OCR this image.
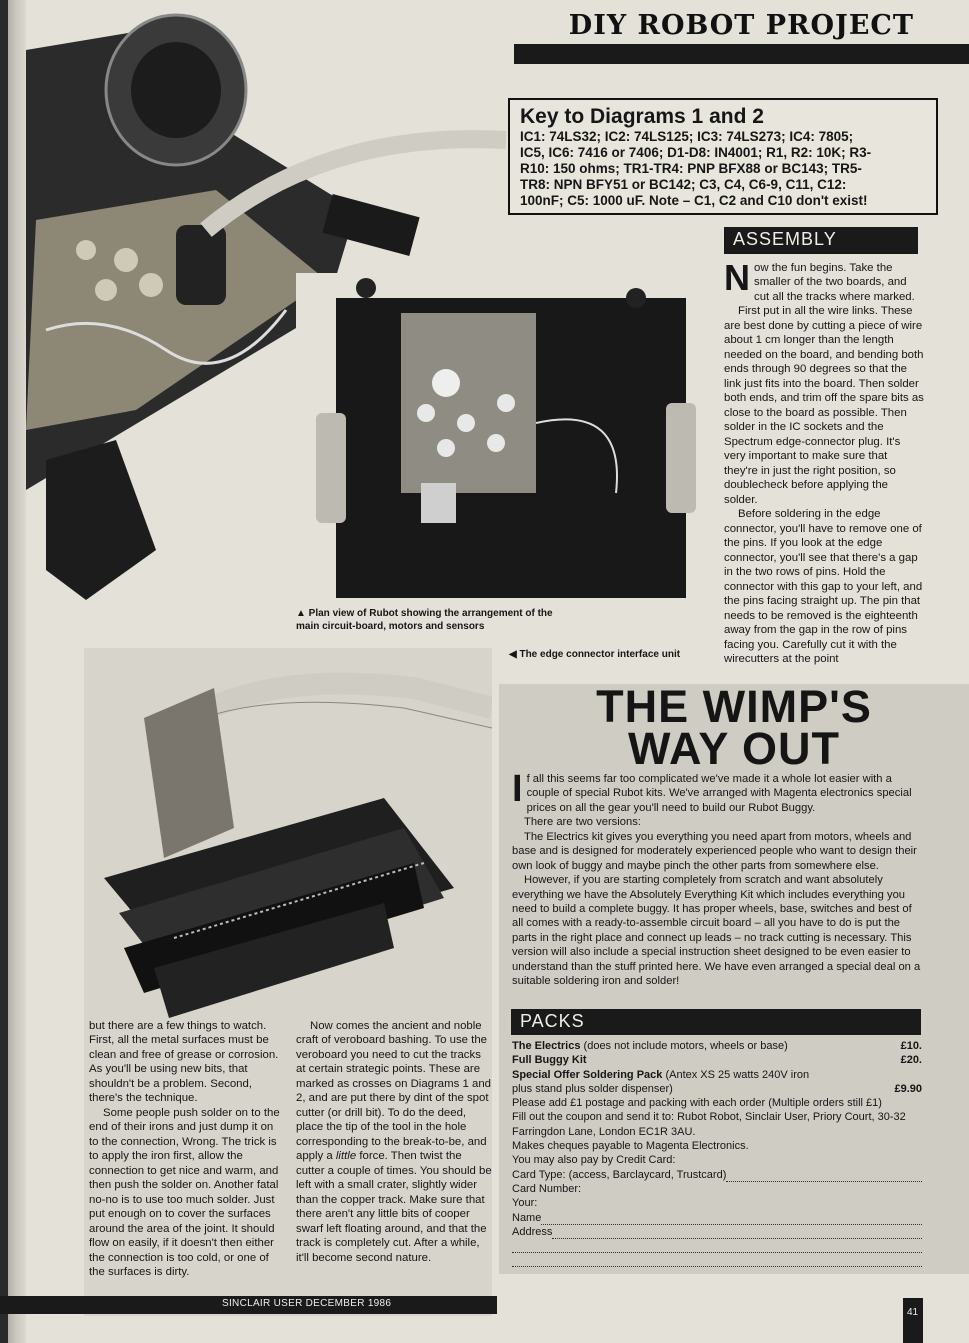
DIY ROBOT PROJECT
▲ Plan view of Rubot showing the arrangement of the main circuit-board, motors and sensors
Key to Diagrams 1 and 2
IC1: 74LS32; IC2: 74LS125; IC3: 74LS273; IC4: 7805;
IC5, IC6: 7416 or 7406; D1-D8: IN4001; R1, R2: 10K; R3-
R10: 150 ohms; TR1-TR4: PNP BFX88 or BC143; TR5-
TR8: NPN BFY51 or BC142; C3, C4, C6-9, C11, C12:
100nF; C5: 1000 uF. Note – C1, C2 and C10 don't exist!
ASSEMBLY

Now the fun begins. Take the smaller of the two boards, and cut all the tracks where marked.

First put in all the wire links. These are best done by cutting a piece of wire about 1 cm longer than the length needed on the board, and bending both ends through 90 degrees so that the link just fits into the board. Then solder both ends, and trim off the spare bits as close to the board as possible. Then solder in the IC sockets and the Spectrum edge-connector plug. It's very important to make sure that they're in just the right position, so doublecheck before applying the solder.

Before soldering in the edge connector, you'll have to remove one of the pins. If you look at the edge connector, you'll see that there's a gap in the two rows of pins. Hold the connector with this gap to your left, and the pins facing straight up. The pin that needs to be removed is the eighteenth away from the gap in the row of pins facing you. Carefully cut it with the wirecutters at the point

◀ The edge connector interface unit

but there are a few things to watch. First, all the metal surfaces must be clean and free of grease or corrosion. As you'll be using new bits, that shouldn't be a problem. Second, there's the technique.

Some people push solder on to the end of their irons and just dump it on to the connection, Wrong. The trick is to apply the iron first, allow the connection to get nice and warm, and then push the solder on. Another fatal no-no is to use too much solder. Just put enough on to cover the surfaces around the area of the joint. It should flow on easily, if it doesn't then either the connection is too cold, or one of the surfaces is dirty.

Now comes the ancient and noble craft of veroboard bashing. To use the veroboard you need to cut the tracks at certain strategic points. These are marked as crosses on Diagrams 1 and 2, and are put there by dint of the spot cutter (or drill bit). To do the deed, place the tip of the tool in the hole corresponding to the break-to-be, and apply a little force. Then twist the cutter a couple of times. You should be left with a small crater, slightly wider than the copper track. Make sure that there aren't any little bits of cooper swarf left floating around, and that the track is completely cut. After a while, it'll become second nature.

THE WIMP'S
WAY OUT

If all this seems far too complicated we've made it a whole lot easier with a couple of special Rubot kits. We've arranged with Magenta electronics special prices on all the gear you'll need to build our Rubot Buggy.

There are two versions:

The Electrics kit gives you everything you need apart from motors, wheels and base and is designed for moderately experienced people who want to design their own look of buggy and maybe pinch the other parts from somewhere else.

However, if you are starting completely from scratch and want absolutely everything we have the Absolutely Everything Kit which includes everything you need to build a complete buggy. It has proper wheels, base, switches and best of all comes with a ready-to-assemble circuit board – all you have to do is put the parts in the right place and connect up leads – no track cutting is necessary. This version will also include a special instruction sheet designed to be even easier to understand than the stuff printed here. We have even arranged a special deal on a suitable soldering iron and solder!

PACKS
The Electrics (does not include motors, wheels or base)	£10.
Full Buggy Kit	£20.
Special Offer Soldering Pack (Antex XS 25 watts 240V iron
plus stand plus solder dispenser)	£9.90
Please add £1 postage and packing with each order (Multiple orders still £1)
Fill out the coupon and send it to: Rubot Robot, Sinclair User, Priory Court, 30-32 Farringdon Lane, London EC1R 3AU.
Makes cheques payable to Magenta Electronics.
You may also pay by Credit Card:
Card Type: (access, Barclaycard, Trustcard)
Card Number:
Your:
Name
Address
SINCLAIR USER DECEMBER 1986
41
